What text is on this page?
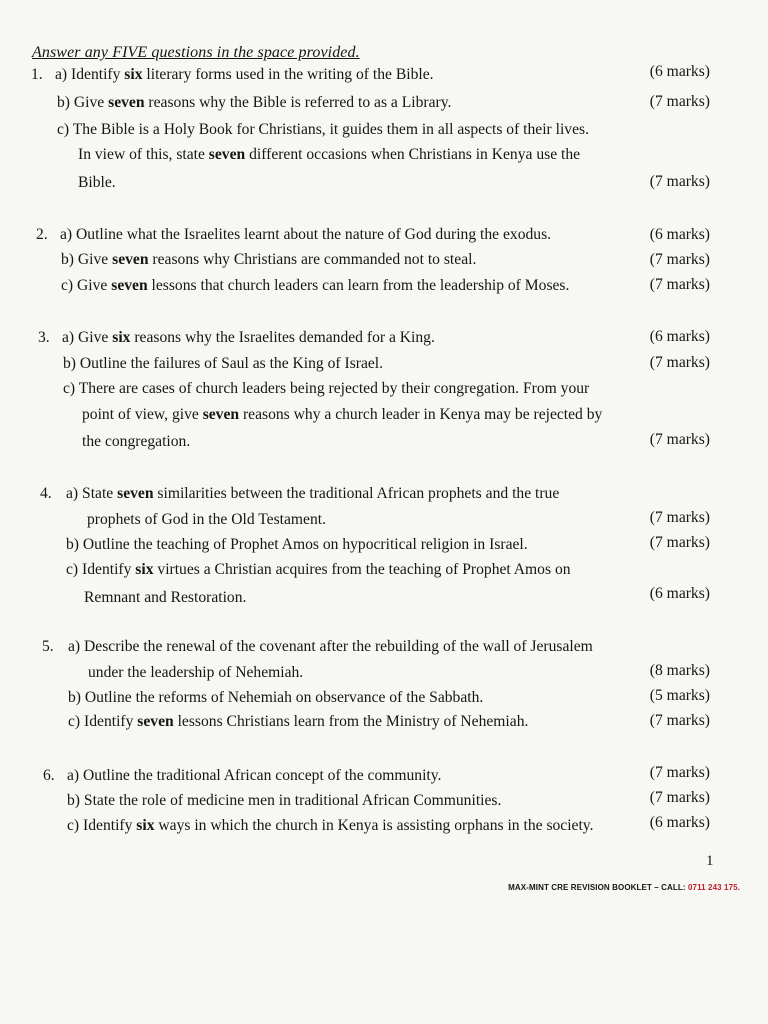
Answer any FIVE questions in the space provided.
1. a) Identify six literary forms used in the writing of the Bible.	(6 marks)
b) Give seven reasons why the Bible is referred to as a Library.	(7 marks)
c) The Bible is a Holy Book for Christians, it guides them in all aspects of their lives.
In view of this, state seven different occasions when Christians in Kenya use the
Bible.	(7 marks)
2. a) Outline what the Israelites learnt about the nature of God during the exodus.	(6 marks)
b) Give seven reasons why Christians are commanded not to steal.	(7 marks)
c) Give seven lessons that church leaders can learn from the leadership of Moses.	(7 marks)
3. a) Give six reasons why the Israelites demanded for a King.	(6 marks)
b) Outline the failures of Saul as the King of Israel.	(7 marks)
c) There are cases of church leaders being rejected by their congregation. From your
point of view, give seven reasons why a church leader in Kenya may be rejected by
the congregation.	(7 marks)
4. a) State seven similarities between the traditional African prophets and the true
prophets of God in the Old Testament.	(7 marks)
b) Outline the teaching of Prophet Amos on hypocritical religion in Israel.	(7 marks)
c) Identify six virtues a Christian acquires from the teaching of Prophet Amos on
Remnant and Restoration.	(6 marks)
5. a) Describe the renewal of the covenant after the rebuilding of the wall of Jerusalem
under the leadership of Nehemiah.	(8 marks)
b) Outline the reforms of Nehemiah on observance of the Sabbath.	(5 marks)
c) Identify seven lessons Christians learn from the Ministry of Nehemiah.	(7 marks)
6. a) Outline the traditional African concept of the community.	(7 marks)
b) State the role of medicine men in traditional African Communities.	(7 marks)
c) Identify six ways in which the church in Kenya is assisting orphans in the society.	(6 marks)
1
MAX-MINT CRE REVISION BOOKLET – CALL: 0711 243 175.
